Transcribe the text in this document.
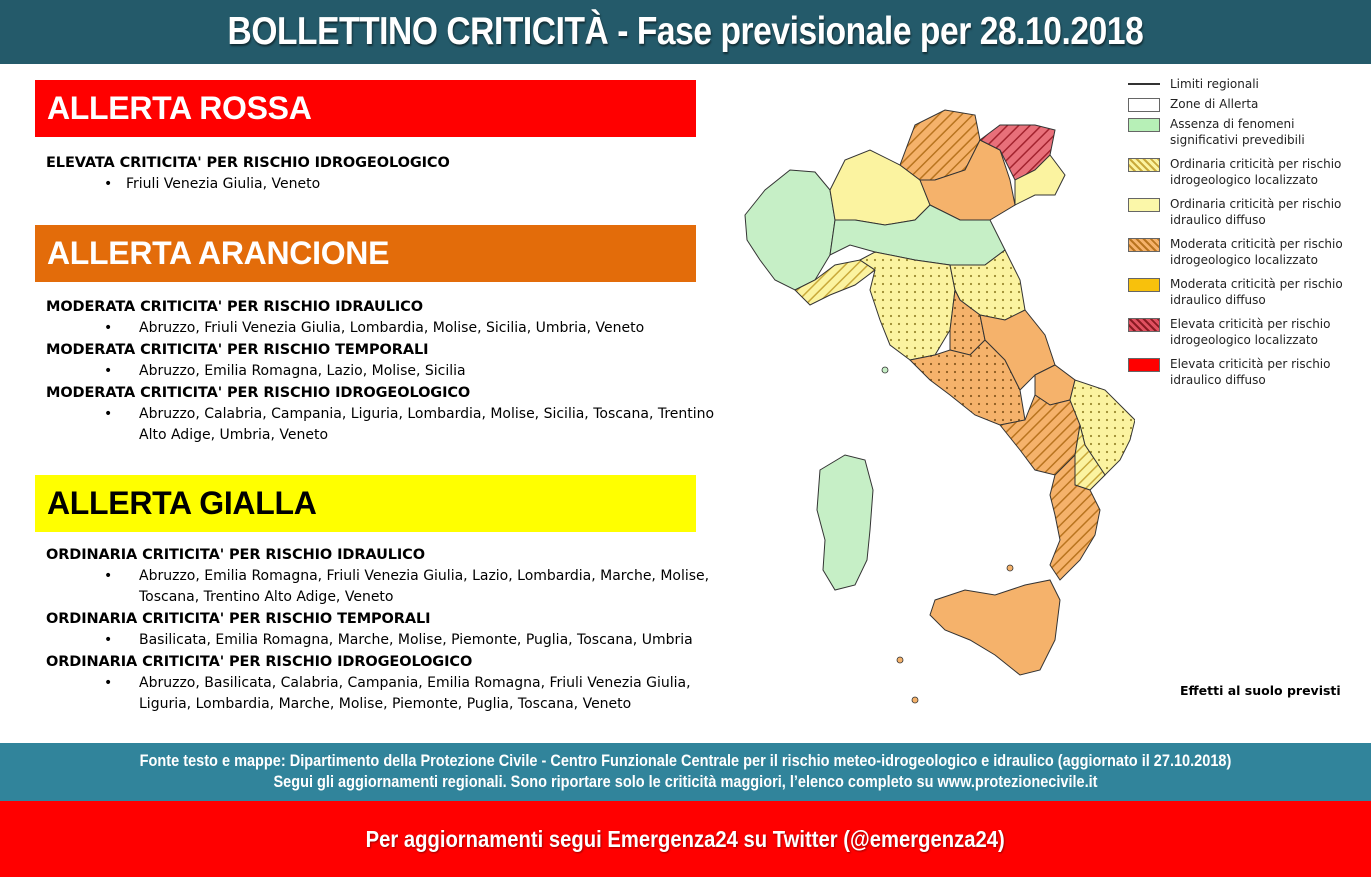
BOLLETTINO CRITICITÀ - Fase previsionale per 28.10.2018
ALLERTA ROSSA
ELEVATA CRITICITA' PER RISCHIO IDROGEOLOGICO
• Friuli Venezia Giulia, Veneto
ALLERTA ARANCIONE
MODERATA CRITICITA' PER RISCHIO IDRAULICO
• Abruzzo, Friuli Venezia Giulia, Lombardia, Molise, Sicilia, Umbria, Veneto
MODERATA CRITICITA' PER RISCHIO TEMPORALI
• Abruzzo, Emilia Romagna, Lazio, Molise, Sicilia
MODERATA CRITICITA' PER RISCHIO IDROGEOLOGICO
• Abruzzo, Calabria, Campania, Liguria, Lombardia, Molise, Sicilia, Toscana, Trentino
Alto Adige, Umbria, Veneto
ALLERTA GIALLA
ORDINARIA CRITICITA' PER RISCHIO IDRAULICO
• Abruzzo, Emilia Romagna, Friuli Venezia Giulia, Lazio, Lombardia, Marche, Molise,
Toscana, Trentino Alto Adige, Veneto
ORDINARIA CRITICITA' PER RISCHIO TEMPORALI
• Basilicata, Emilia Romagna, Marche, Molise, Piemonte, Puglia, Toscana, Umbria
ORDINARIA CRITICITA' PER RISCHIO IDROGEOLOGICO
• Abruzzo, Basilicata, Calabria, Campania, Emilia Romagna, Friuli Venezia Giulia,
Liguria, Lombardia, Marche, Molise, Piemonte, Puglia, Toscana, Veneto
Limiti regionali
Zone di Allerta
Assenza di fenomeni
significativi prevedibili
Ordinaria criticità per rischio
idrogeologico localizzato
Ordinaria criticità per rischio
idraulico diffuso
Moderata criticità per rischio
idrogeologico localizzato
Moderata criticità per rischio
idraulico diffuso
Elevata criticità per rischio
idrogeologico localizzato
Elevata criticità per rischio
idraulico diffuso
Effetti al suolo previsti
Fonte testo e mappe: Dipartimento della Protezione Civile - Centro Funzionale Centrale per il rischio meteo-idrogeologico e idraulico (aggiornato il 27.10.2018)
Segui gli aggiornamenti regionali. Sono riportare solo le criticità maggiori, l’elenco completo su www.protezionecivile.it
Per aggiornamenti segui Emergenza24 su Twitter (@emergenza24)
